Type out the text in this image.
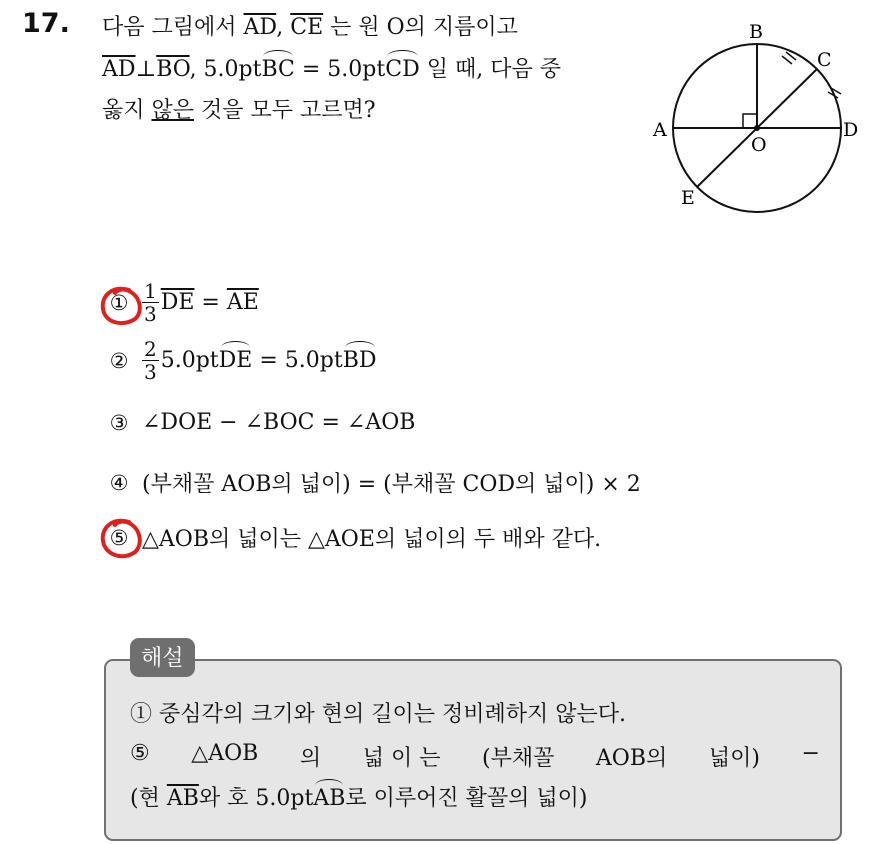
17. 다음 그림에서 $\overline{AD}$, $\overline{CE}$ 는 원 O의 지름이고
$\overline{AD}\perp\overline{BO}$, 5.0ptBC = 5.0ptCD 일 때, 다음 중
옳지 않은 것을 모두 고르면?
A
B
C
D
E
O
① $\frac{1}{3} \overline{DE} = \overline{AE}$
② $\frac{2}{3} 5.0pt$ DE = 5.0pt BD
③ ∠DOE − ∠BOC = ∠AOB
④ (부채꼴 AOB의 넓이) = (부채꼴 COD의 넓이) × 2
⑤ △AOB의 넓이는 △AOE의 넓이의 두 배와 같다.
해설
① 중심각의 크기와 현의 길이는 정비례하지 않는다.
⑤ △AOB 의 넓 이 는 (부채꼴 AOB의 넓이) −
(현 $\overline{AB}$와 호 5.0ptAB로 이루어진 활꼴의 넓이)
